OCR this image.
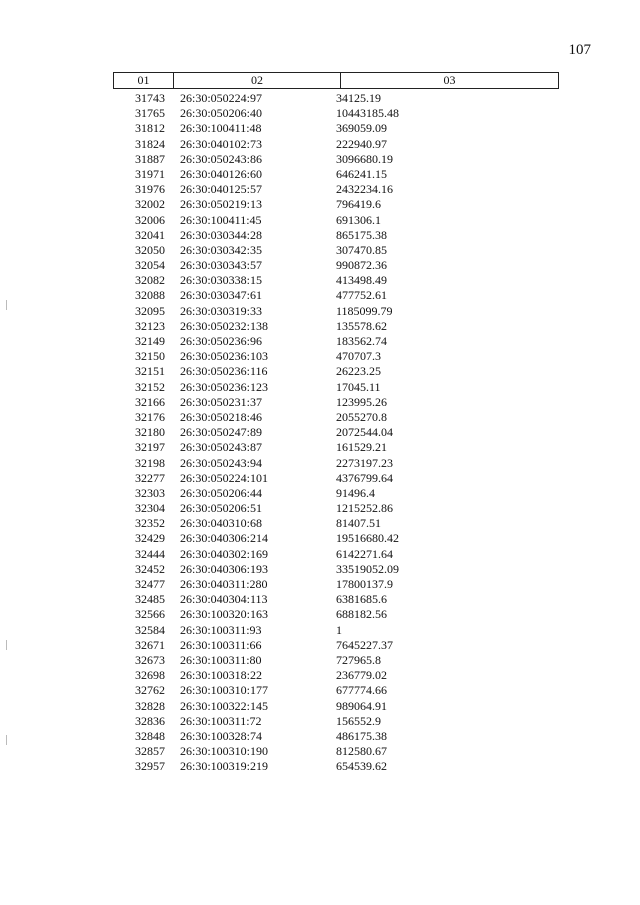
107
01	02	03
31743 26:30:050224:97	34125.19
31765 26:30:050206:40	10443185.48
31812 26:30:100411:48	369059.09
31824 26:30:040102:73	222940.97
31887 26:30:050243:86	3096680.19
31971 26:30:040126:60	646241.15
31976 26:30:040125:57	2432234.16
32002 26:30:050219:13	796419.6
32006 26:30:100411:45	691306.1
32041 26:30:030344:28	865175.38
32050 26:30:030342:35	307470.85
32054 26:30:030343:57	990872.36
32082 26:30:030338:15	413498.49
32088 26:30:030347:61	477752.61
32095 26:30:030319:33	1185099.79
32123 26:30:050232:138	135578.62
32149 26:30:050236:96	183562.74
32150 26:30:050236:103	470707.3
32151 26:30:050236:116	26223.25
32152 26:30:050236:123	17045.11
32166 26:30:050231:37	123995.26
32176 26:30:050218:46	2055270.8
32180 26:30:050247:89	2072544.04
32197 26:30:050243:87	161529.21
32198 26:30:050243:94	2273197.23
32277 26:30:050224:101	4376799.64
32303 26:30:050206:44	91496.4
32304 26:30:050206:51	1215252.86
32352 26:30:040310:68	81407.51
32429 26:30:040306:214	19516680.42
32444 26:30:040302:169	6142271.64
32452 26:30:040306:193	33519052.09
32477 26:30:040311:280	17800137.9
32485 26:30:040304:113	6381685.6
32566 26:30:100320:163	688182.56
32584 26:30:100311:93	1
32671 26:30:100311:66	7645227.37
32673 26:30:100311:80	727965.8
32698 26:30:100318:22	236779.02
32762 26:30:100310:177	677774.66
32828 26:30:100322:145	989064.91
32836 26:30:100311:72	156552.9
32848 26:30:100328:74	486175.38
32857 26:30:100310:190	812580.67
32957 26:30:100319:219	654539.62
